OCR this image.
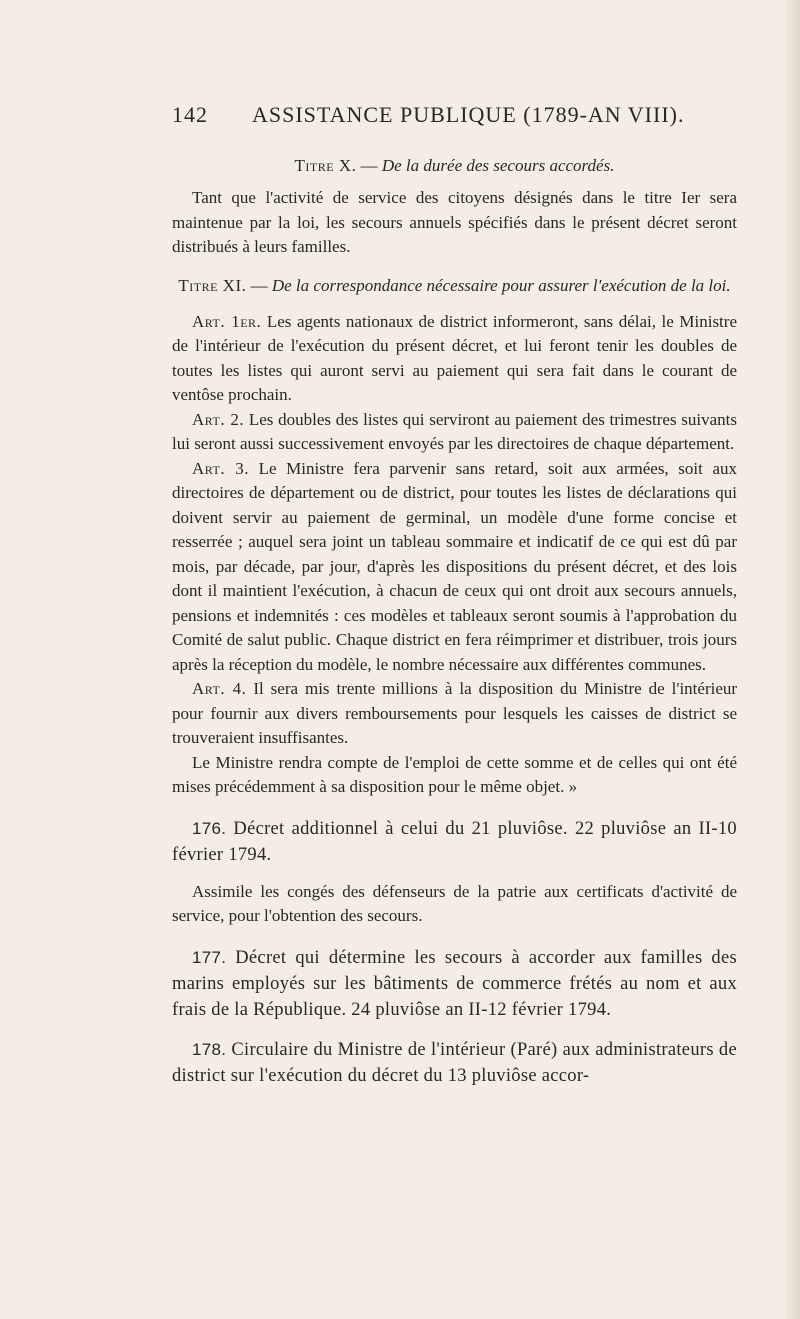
142 ASSISTANCE PUBLIQUE (1789-AN VIII).

Titre X. — De la durée des secours accordés.

Tant que l'activité de service des citoyens désignés dans le titre Ier sera maintenue par la loi, les secours annuels spécifiés dans le présent décret seront distribués à leurs familles.

Titre XI. — De la correspondance nécessaire pour assurer l'exécution de la loi.

Art. 1er. Les agents nationaux de district informeront, sans délai, le Ministre de l'intérieur de l'exécution du présent décret, et lui feront tenir les doubles de toutes les listes qui auront servi au paiement qui sera fait dans le courant de ventôse prochain.

Art. 2. Les doubles des listes qui serviront au paiement des trimestres suivants lui seront aussi successivement envoyés par les directoires de chaque département.

Art. 3. Le Ministre fera parvenir sans retard, soit aux armées, soit aux directoires de département ou de district, pour toutes les listes de déclarations qui doivent servir au paiement de germinal, un modèle d'une forme concise et resserrée ; auquel sera joint un tableau sommaire et indicatif de ce qui est dû par mois, par décade, par jour, d'après les dispositions du présent décret, et des lois dont il maintient l'exécution, à chacun de ceux qui ont droit aux secours annuels, pensions et indemnités : ces modèles et tableaux seront soumis à l'approbation du Comité de salut public. Chaque district en fera réimprimer et distribuer, trois jours après la réception du modèle, le nombre nécessaire aux différentes communes.

Art. 4. Il sera mis trente millions à la disposition du Ministre de l'intérieur pour fournir aux divers remboursements pour lesquels les caisses de district se trouveraient insuffisantes.

Le Ministre rendra compte de l'emploi de cette somme et de celles qui ont été mises précédemment à sa disposition pour le même objet. »

176. Décret additionnel à celui du 21 pluviôse. 22 pluviôse an II-10 février 1794.

Assimile les congés des défenseurs de la patrie aux certificats d'activité de service, pour l'obtention des secours.

177. Décret qui détermine les secours à accorder aux familles des marins employés sur les bâtiments de commerce frétés au nom et aux frais de la République. 24 pluviôse an II-12 février 1794.

178. Circulaire du Ministre de l'intérieur (Paré) aux administrateurs de district sur l'exécution du décret du 13 pluviôse accor-
